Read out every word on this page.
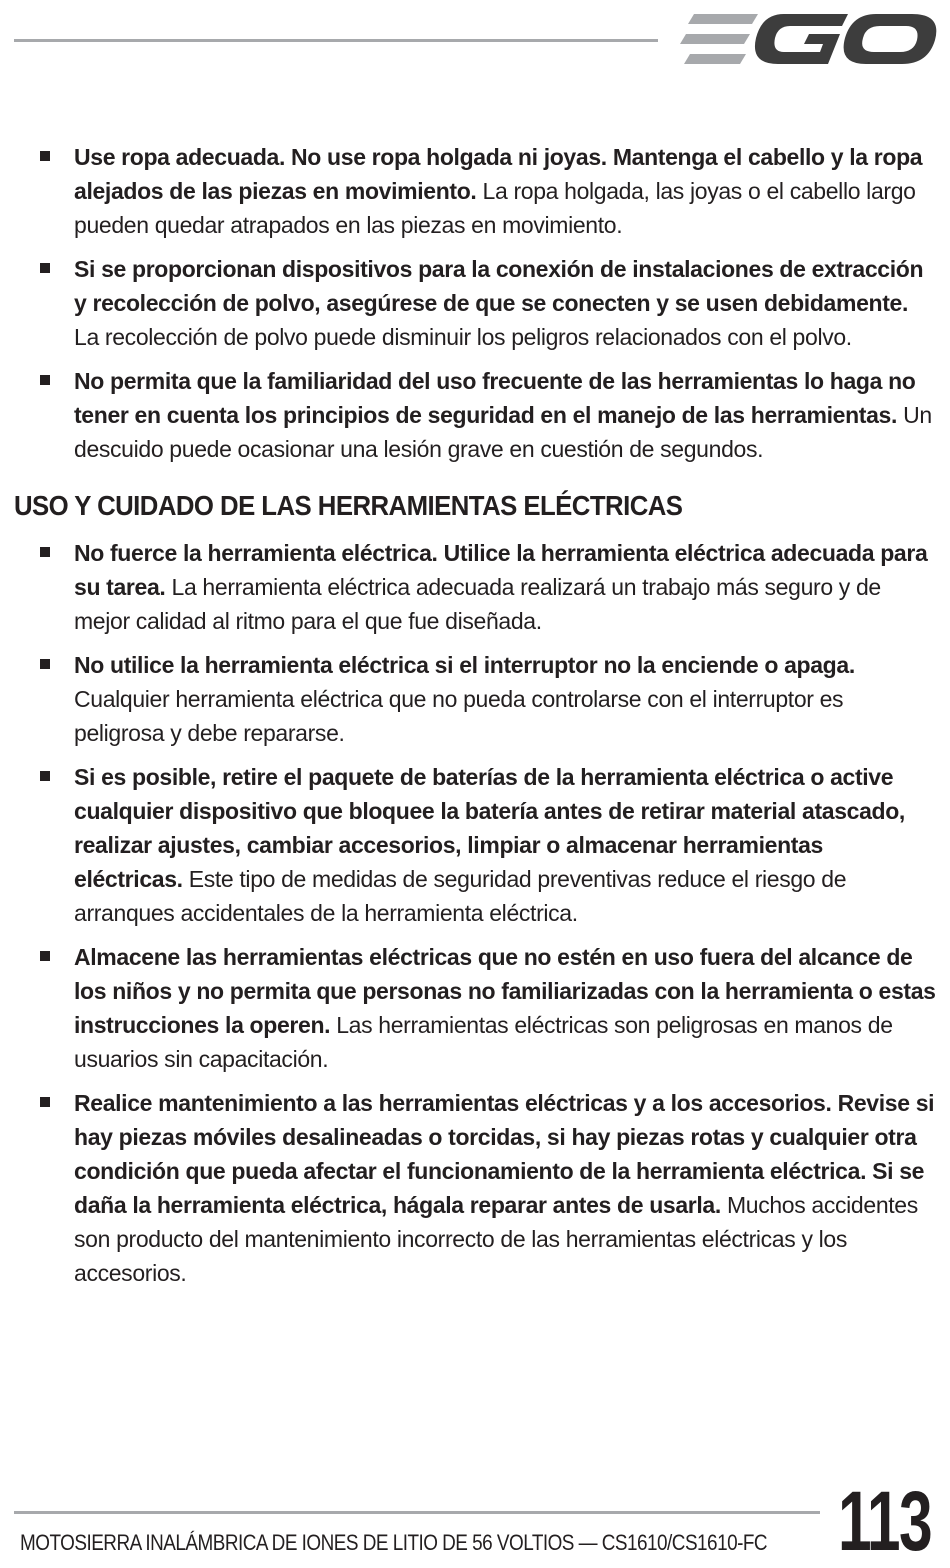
Use ropa adecuada. No use ropa holgada ni joyas. Mantenga el cabello y la ropa alejados de las piezas en movimiento. La ropa holgada, las joyas o el cabello largo pueden quedar atrapados en las piezas en movimiento.
Si se proporcionan dispositivos para la conexión de instalaciones de extracción y recolección de polvo, asegúrese de que se conecten y se usen debidamente. La recolección de polvo puede disminuir los peligros relacionados con el polvo.
No permita que la familiaridad del uso frecuente de las herramientas lo haga no tener en cuenta los principios de seguridad en el manejo de las herramientas. Un descuido puede ocasionar una lesión grave en cuestión de segundos.
USO Y CUIDADO DE LAS HERRAMIENTAS ELÉCTRICAS
No fuerce la herramienta eléctrica. Utilice la herramienta eléctrica adecuada para su tarea. La herramienta eléctrica adecuada realizará un trabajo más seguro y de mejor calidad al ritmo para el que fue diseñada.
No utilice la herramienta eléctrica si el interruptor no la enciende o apaga. Cualquier herramienta eléctrica que no pueda controlarse con el interruptor es peligrosa y debe repararse.
Si es posible, retire el paquete de baterías de la herramienta eléctrica o active cualquier dispositivo que bloquee la batería antes de retirar material atascado, realizar ajustes, cambiar accesorios, limpiar o almacenar herramientas eléctricas. Este tipo de medidas de seguridad preventivas reduce el riesgo de arranques accidentales de la herramienta eléctrica.
Almacene las herramientas eléctricas que no estén en uso fuera del alcance de los niños y no permita que personas no familiarizadas con la herramienta o estas instrucciones la operen. Las herramientas eléctricas son peligrosas en manos de usuarios sin capacitación.
Realice mantenimiento a las herramientas eléctricas y a los accesorios. Revise si hay piezas móviles desalineadas o torcidas, si hay piezas rotas y cualquier otra condición que pueda afectar el funcionamiento de la herramienta eléctrica. Si se daña la herramienta eléctrica, hágala reparar antes de usarla. Muchos accidentes son producto del mantenimiento incorrecto de las herramientas eléctricas y los accesorios.
MOTOSIERRA INALÁMBRICA DE IONES DE LITIO DE 56 VOLTIOS — CS1610/CS1610-FC 113
